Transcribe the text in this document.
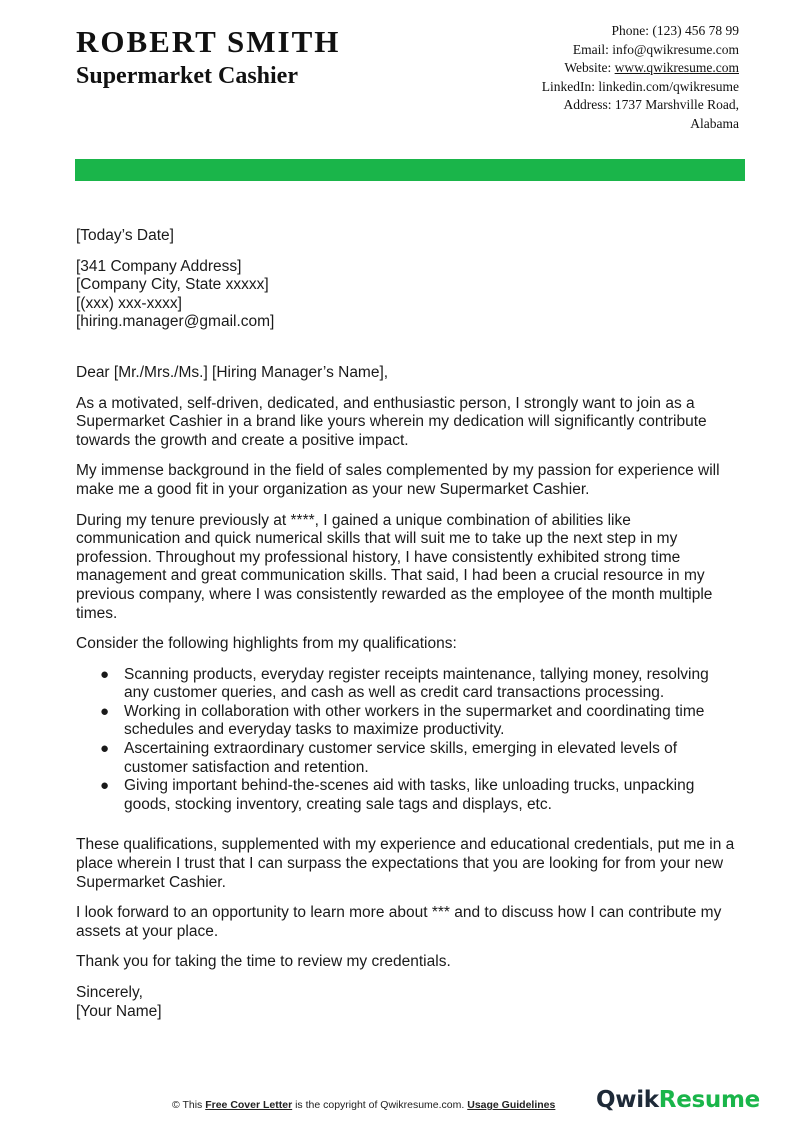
ROBERT SMITH
Supermarket Cashier
Phone: (123) 456 78 99
Email: info@qwikresume.com
Website: www.qwikresume.com
LinkedIn: linkedin.com/qwikresume
Address: 1737 Marshville Road,
Alabama
[Today’s Date]
[341 Company Address]
[Company City, State xxxxx]
[(xxx) xxx-xxxx]
[hiring.manager@gmail.com]

Dear [Mr./Mrs./Ms.] [Hiring Manager’s Name],

As a motivated, self-driven, dedicated, and enthusiastic person, I strongly want to join as a Supermarket Cashier in a brand like yours wherein my dedication will significantly contribute towards the growth and create a positive impact.

My immense background in the field of sales complemented by my passion for experience will make me a good fit in your organization as your new Supermarket Cashier.

During my tenure previously at ****, I gained a unique combination of abilities like communication and quick numerical skills that will suit me to take up the next step in my profession. Throughout my professional history, I have consistently exhibited strong time management and great communication skills. That said, I had been a crucial resource in my previous company, where I was consistently rewarded as the employee of the month multiple times.

Consider the following highlights from my qualifications:

● Scanning products, everyday register receipts maintenance, tallying money, resolving any customer queries, and cash as well as credit card transactions processing.
● Working in collaboration with other workers in the supermarket and coordinating time schedules and everyday tasks to maximize productivity.
● Ascertaining extraordinary customer service skills, emerging in elevated levels of customer satisfaction and retention.
● Giving important behind-the-scenes aid with tasks, like unloading trucks, unpacking goods, stocking inventory, creating sale tags and displays, etc.

These qualifications, supplemented with my experience and educational credentials, put me in a place wherein I trust that I can surpass the expectations that you are looking for from your new Supermarket Cashier.

I look forward to an opportunity to learn more about *** and to discuss how I can contribute my assets at your place.

Thank you for taking the time to review my credentials.

Sincerely,
[Your Name]
© This Free Cover Letter is the copyright of Qwikresume.com. Usage Guidelines QwikResume
